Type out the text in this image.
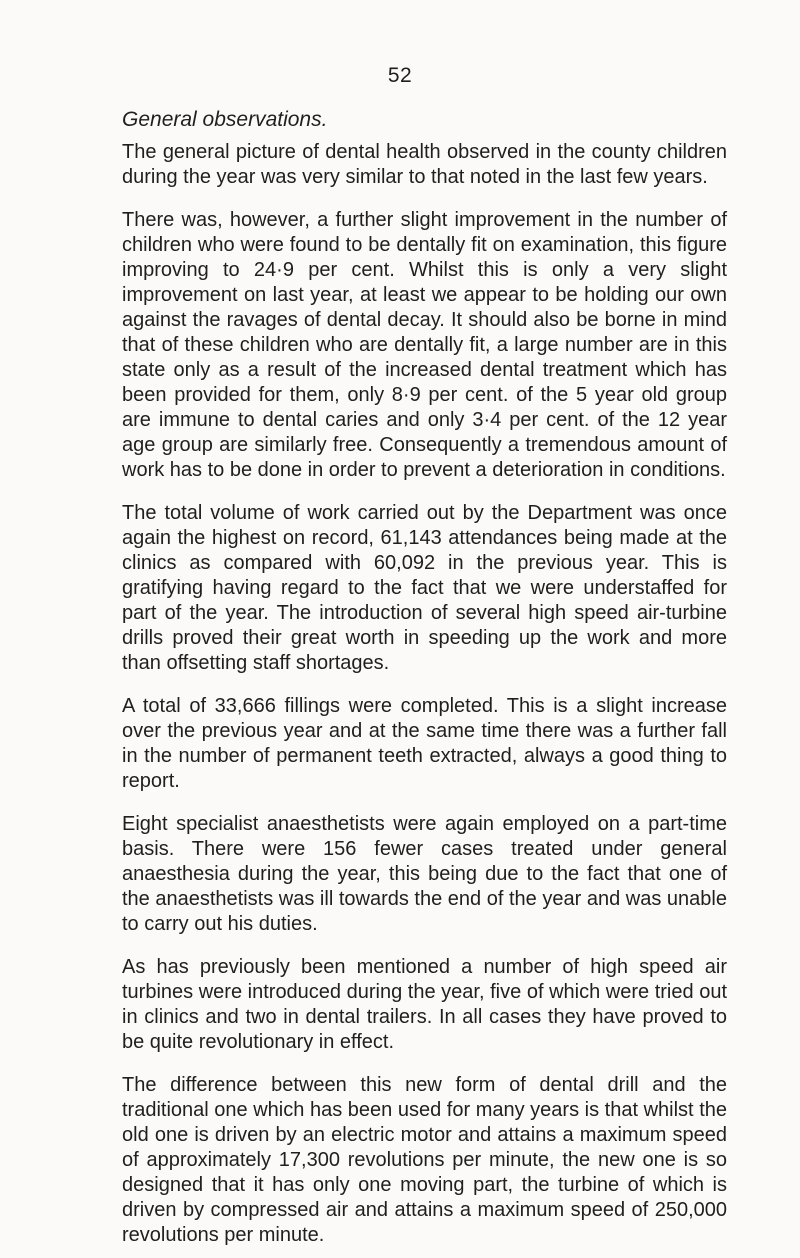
52
General observations.

The general picture of dental health observed in the county children during the year was very similar to that noted in the last few years.

There was, however, a further slight improvement in the number of children who were found to be dentally fit on examination, this figure improving to 24·9 per cent. Whilst this is only a very slight improvement on last year, at least we appear to be holding our own against the ravages of dental decay. It should also be borne in mind that of these children who are dentally fit, a large number are in this state only as a result of the increased dental treatment which has been provided for them, only 8·9 per cent. of the 5 year old group are immune to dental caries and only 3·4 per cent. of the 12 year age group are similarly free. Consequently a tremendous amount of work has to be done in order to prevent a deterioration in conditions.

The total volume of work carried out by the Department was once again the highest on record, 61,143 attendances being made at the clinics as compared with 60,092 in the previous year. This is gratifying having regard to the fact that we were understaffed for part of the year. The introduction of several high speed air-turbine drills proved their great worth in speeding up the work and more than offsetting staff shortages.

A total of 33,666 fillings were completed. This is a slight increase over the previous year and at the same time there was a further fall in the number of permanent teeth extracted, always a good thing to report.

Eight specialist anaesthetists were again employed on a part-time basis. There were 156 fewer cases treated under general anaesthesia during the year, this being due to the fact that one of the anaesthetists was ill towards the end of the year and was unable to carry out his duties.

As has previously been mentioned a number of high speed air turbines were introduced during the year, five of which were tried out in clinics and two in dental trailers. In all cases they have proved to be quite revolutionary in effect.

The difference between this new form of dental drill and the traditional one which has been used for many years is that whilst the old one is driven by an electric motor and attains a maximum speed of approximately 17,300 revolutions per minute, the new one is so designed that it has only one moving part, the turbine of which is driven by compressed air and attains a maximum speed of 250,000 revolutions per minute.
